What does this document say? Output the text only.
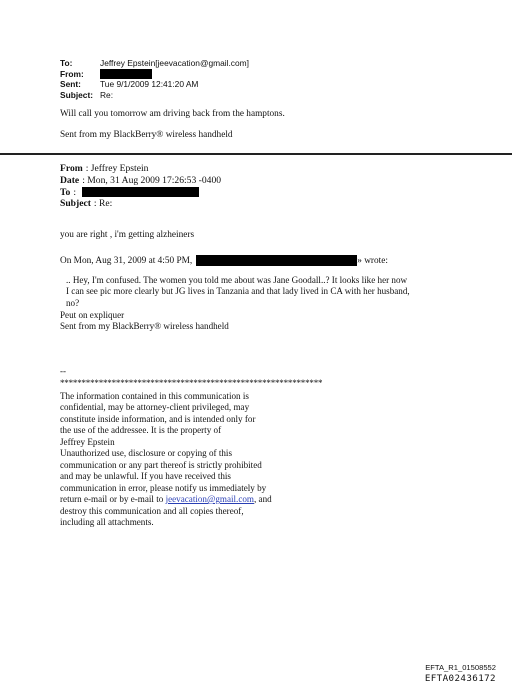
To:	Jeffrey Epstein[jeevacation@gmail.com]
From:
Sent:	Tue 9/1/2009 12:41:20 AM
Subject: Re:
Will call you tomorrow am driving back from the hamptons.
Sent from my BlackBerry® wireless handheld
From : Jeffrey Epstein
Date : Mon, 31 Aug 2009 17:26:53 -0400
To :
Subject : Re:
you are right , i'm getting alzheiners
On Mon, Aug 31, 2009 at 4:50 PM,	» wrote:
.. Hey, I'm confused. The women you told me about was Jane Goodall..? It looks like her now
I can see pic more clearly but JG lives in Tanzania and that lady lived in CA with her husband,
no?
Peut on expliquer
Sent from my BlackBerry® wireless handheld
--
*************************************************************
The information contained in this communication is
confidential, may be attorney-client privileged, may
constitute inside information, and is intended only for
the use of the addressee. It is the property of
Jeffrey Epstein
Unauthorized use, disclosure or copying of this
communication or any part thereof is strictly prohibited
and may be unlawful. If you have received this
communication in error, please notify us immediately by
return e-mail or by e-mail to jeevacation@gmail.com, and
destroy this communication and all copies thereof,
including all attachments.
EFTA_R1_01508552
EFTA02436172
